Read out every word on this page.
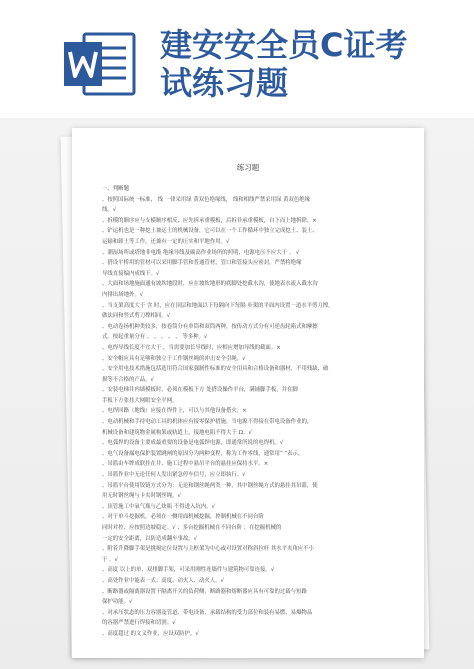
建安安全员C证考
试练习题
练习题
一、判断题
、按照国际统一标准， 线 一律采用绿 黄双色绝缘线， 线和相线严禁采用绿 黄双色绝缘
线。√
、拆模的顺序应与支模顺序相反，应先拆承重模板，后拆非承重模板，自下而上地拆除。×
、铲运机也是一种挖土兼运土的机械设备，它可以在一个工作循环中独立完成挖土、装土、
运输和卸土等工作，还兼有一定的压实和平地作用。√
、潮湿场所或塔地非电缆 绝缘导线及碳高作业场所的照明，电源电压不应大于 。 √
、搭设平桥用的管材可以采用脚手管和普通管材，管口和管接头应密封，严禁将绝缘
导线直接编内成线下。√
、大面和场地施面通有坡坎地段时，应在坡坎地形的底脚处挖截水沟，使地表水流入截水沟
内排出场地外。√
、当支架高度大于 含 时，应在顶层和地面以下每隔向下每隔 步架的平面内设置一道水平剪刀撑，
做法同和竖式剪刀撑相同。√
、电动卷扬机种类较多，按卷筒分有单筒和双筒两种，按传动方式分有可逆齿轮箱式和摩擦
式。按起重量分有 、 、 、 、 、 等多种。√
、电焊导线长度不宜大于 ，当需要加长导线时，应相应增加导线的截面。×
、安全帽应具有足够和独立于工作钢丝绳的冲击安全引绳。√
、安全用电技术措施包括选用符合国家强制性标准的安全用具和合格设备和器材，不用残缺、破
损等不合格的产品。√
、安装电梯井内墙模板时，必须在模板下方 处搭设操作平台，满铺脚手板，并在脚
手板下方张挂大网眼安全平网。
、电焊回路（地线）应接在焊件上，可以与其他设备搭火。×
、电动机械和手持电动工具的机体应有接零保护措施，当电源不得接在带电设备作业的，
机械设备和建筑物金属构架或轨道上，接地电阻不得大于 Ω。√
、电弧焊的设备主要成最重要的设备是电弧焊电源，即通常所说的电焊机。√
、电气设备漏电保护装置跳闸的原因分为两种变程，称为工作零线，通常用“ ”表示。
、吊篮由车牌成联挂在井、施工过程中悬吊平台的悬挂应保持水平。×
、吊篮作业中无论任何人发出紧急停车信号，应立即执行。√
、吊篮平台使用铰链方式分为：无论和钢丝绳两类一种，其中钢丝绳方式的悬挂其吊篮，使
用无时钢丝绳与卡夹时钢丝绳。√
、顶管施工中氧气瓶与乙炔瓶 不得进入坑内。√
、对于单斗挖掘机，必须在一侧用面机械挖掘，控制机械在不同台阶
同时对控，应按照边坡稳定。√ ；多台挖掘机械在不同台阶 ；在挖掘机械的
一定的安全距离，以防造成翻车事故。√
、附着升降脚手架是挑揭定位设置与主框架为中心或对设置对称斜拉杆 其水平夹角应不小
于 。√
、高度 以上的单、双排脚手架，可采用刚性连墙件与建筑物可靠连接。√
、高处作业中能表一式：高度、动火人、动火人。√
、断路器或隔离器设置于隔离开关的负荷侧，断路器和熔断器应具有可靠的过载与短路
保护功能。√
、对承压状态的压力容器及管道、带电设备、承载结构的受力部位和装有易燃、易爆物品
的容器严禁进行焊接和切割。√
、高度超过 的文义作业，应设双防护。√
